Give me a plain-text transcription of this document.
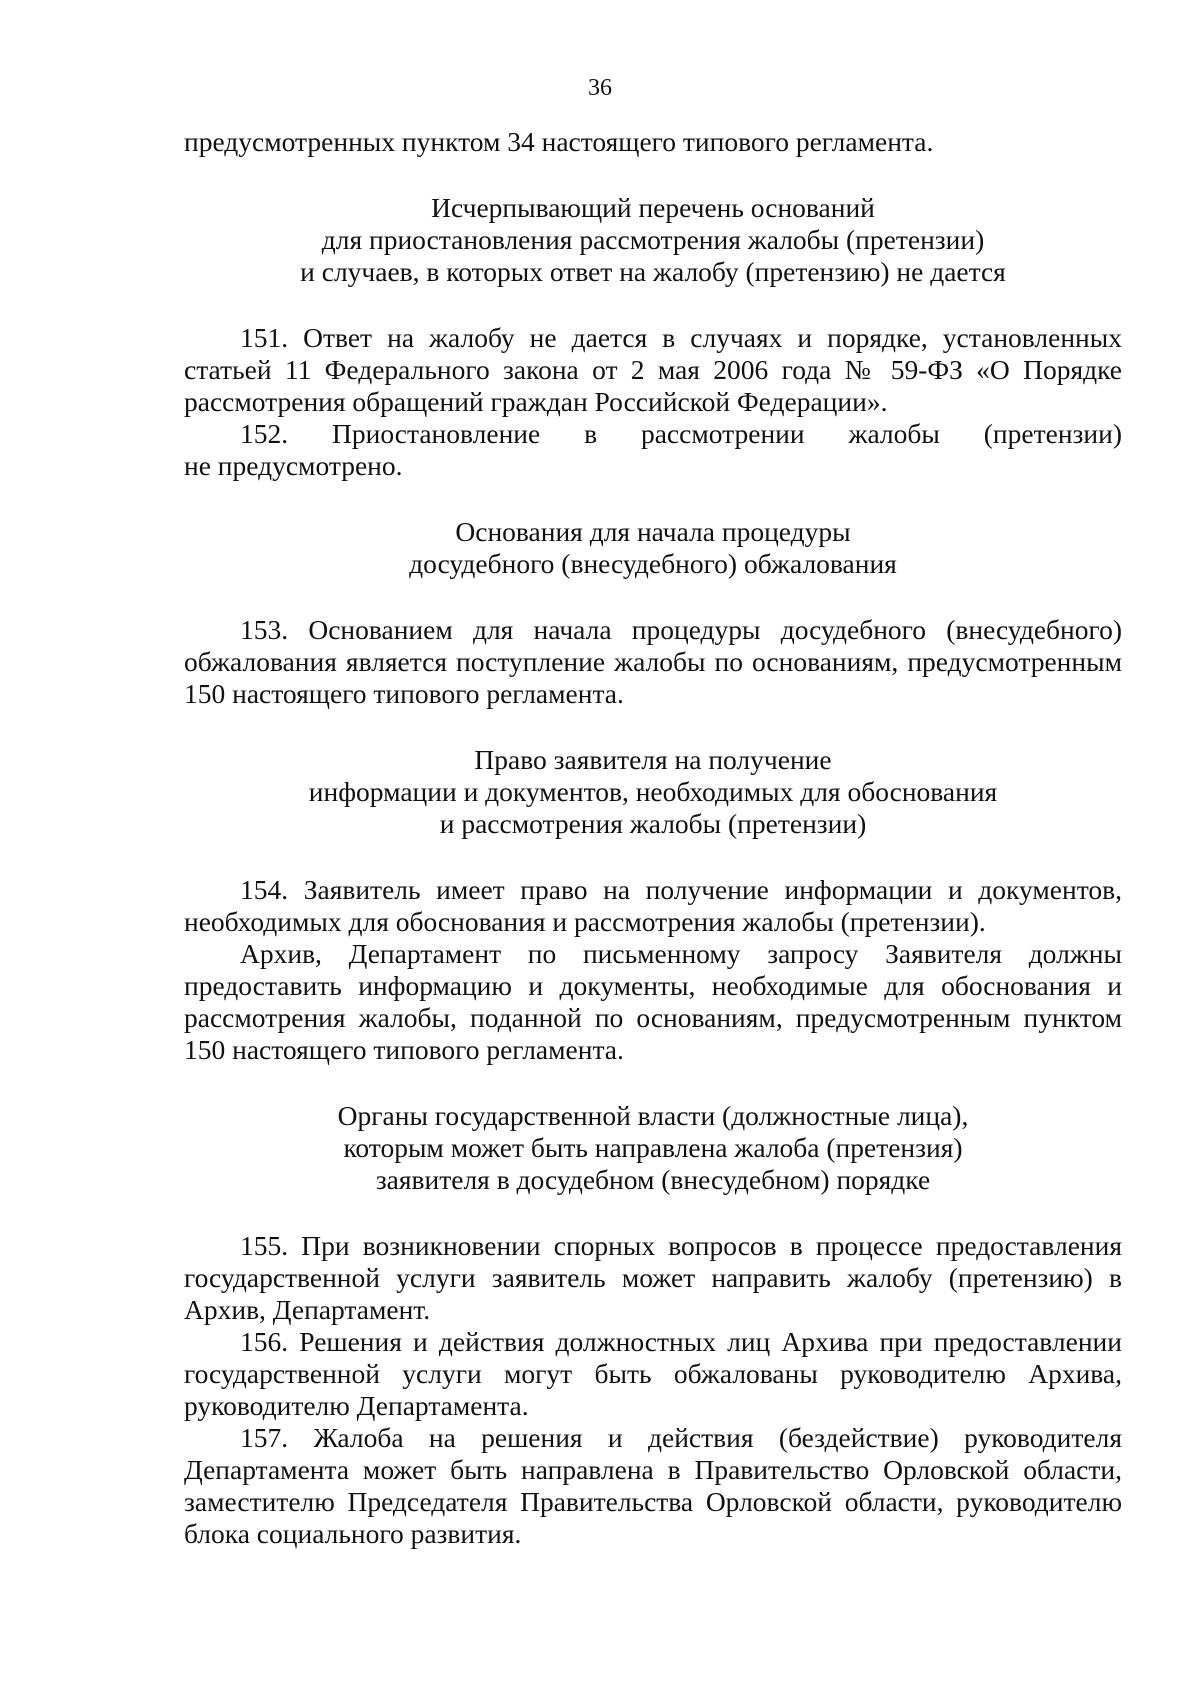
36

предусмотренных пунктом 34 настоящего типового регламента.

Исчерпывающий перечень оснований
для приостановления рассмотрения жалобы (претензии)
и случаев, в которых ответ на жалобу (претензию) не дается

151. Ответ на жалобу не дается в случаях и порядке, установленных статьей 11 Федерального закона от 2 мая 2006 года № 59-ФЗ «О Порядке рассмотрения обращений граждан Российской Федерации».

152. Приостановление в рассмотрении жалобы (претензии)
не предусмотрено.

Основания для начала процедуры
досудебного (внесудебного) обжалования

153. Основанием для начала процедуры досудебного (внесудебного) обжалования является поступление жалобы по основаниям, предусмотренным 150 настоящего типового регламента.

Право заявителя на получение
информации и документов, необходимых для обоснования
и рассмотрения жалобы (претензии)

154. Заявитель имеет право на получение информации и документов, необходимых для обоснования и рассмотрения жалобы (претензии).

Архив, Департамент по письменному запросу Заявителя должны предоставить информацию и документы, необходимые для обоснования и рассмотрения жалобы, поданной по основаниям, предусмотренным пунктом 150 настоящего типового регламента.

Органы государственной власти (должностные лица),
которым может быть направлена жалоба (претензия)
заявителя в досудебном (внесудебном) порядке

155. При возникновении спорных вопросов в процессе предоставления государственной услуги заявитель может направить жалобу (претензию) в Архив, Департамент.

156. Решения и действия должностных лиц Архива при предоставлении государственной услуги могут быть обжалованы руководителю Архива, руководителю Департамента.

157. Жалоба на решения и действия (бездействие) руководителя Департамента может быть направлена в Правительство Орловской области, заместителю Председателя Правительства Орловской области, руководителю блока социального развития.
